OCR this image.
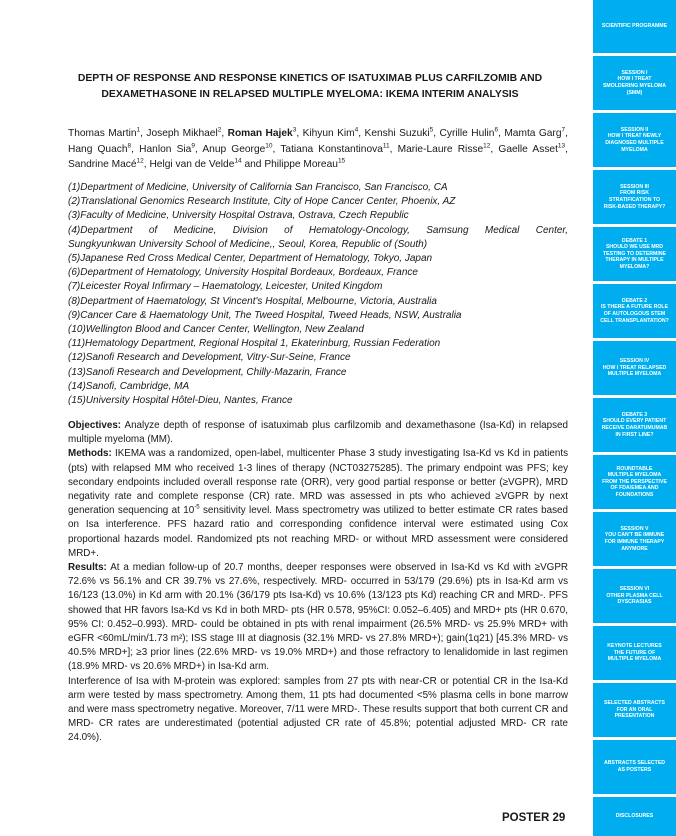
DEPTH OF RESPONSE AND RESPONSE KINETICS OF ISATUXIMAB PLUS CARFILZOMIB AND
DEXAMETHASONE IN RELAPSED MULTIPLE MYELOMA: IKEMA INTERIM ANALYSIS
Thomas Martin$^1$, Joseph Mikhael$^2$, Roman Hajek$^3$, Kihyun Kim$^4$, Kenshi Suzuki$^5$, Cyrille Hulin$^6$, Mamta Garg$^7$, Hang Quach$^8$, Hanlon Sia$^9$, Anup George$^{10}$, Tatiana Konstantinova$^{11}$, Marie-Laure Risse$^{12}$, Gaelle Asset$^{13}$, Sandrine Macé$^{12}$, Helgi van de Velde$^{14}$ and Philippe Moreau$^{15}$
(1)Department of Medicine, University of California San Francisco, San Francisco, CA
(2)Translational Genomics Research Institute, City of Hope Cancer Center, Phoenix, AZ
(3)Faculty of Medicine, University Hospital Ostrava, Ostrava, Czech Republic
(4)Department of Medicine, Division of Hematology-Oncology, Samsung Medical Center,
Sungkyunkwan University School of Medicine,, Seoul, Korea, Republic of (South)
(5)Japanese Red Cross Medical Center, Department of Hematology, Tokyo, Japan
(6)Department of Hematology, University Hospital Bordeaux, Bordeaux, France
(7)Leicester Royal Infirmary – Haematology, Leicester, United Kingdom
(8)Department of Haematology, St Vincent's Hospital, Melbourne, Victoria, Australia
(9)Cancer Care & Haematology Unit, The Tweed Hospital, Tweed Heads, NSW, Australia
(10)Wellington Blood and Cancer Center, Wellington, New Zealand
(11)Hematology Department, Regional Hospital 1, Ekaterinburg, Russian Federation
(12)Sanofi Research and Development, Vitry-Sur-Seine, France
(13)Sanofi Research and Development, Chilly-Mazarin, France
(14)Sanofi, Cambridge, MA
(15)University Hospital Hôtel-Dieu, Nantes, France

Objectives: Analyze depth of response of isatuximab plus carfilzomib and dexamethasone (Isa-Kd) in relapsed multiple myeloma (MM).

Methods: IKEMA was a randomized, open-label, multicenter Phase 3 study investigating Isa-Kd vs Kd in patients (pts) with relapsed MM who received 1-3 lines of therapy (NCT03275285). The primary endpoint was PFS; key secondary endpoints included overall response rate (ORR), very good partial response or better (≥VGPR), MRD negativity rate and complete response (CR) rate. MRD was assessed in pts who achieved ≥VGPR by next generation sequencing at $10^{-5}$ sensitivity level. Mass spectrometry was utilized to better estimate CR rates based on Isa interference. PFS hazard ratio and corresponding confidence interval were estimated using Cox proportional hazards model. Randomized pts not reaching MRD- or without MRD assessment were considered MRD+.

Results: At a median follow-up of 20.7 months, deeper responses were observed in Isa-Kd vs Kd with ≥VGPR 72.6% vs 56.1% and CR 39.7% vs 27.6%, respectively. MRD- occurred in 53/179 (29.6%) pts in Isa-Kd arm vs 16/123 (13.0%) in Kd arm with 20.1% (36/179 pts Isa-Kd) vs 10.6% (13/123 pts Kd) reaching CR and MRD-. PFS showed that HR favors Isa-Kd vs Kd in both MRD- pts (HR 0.578, 95%CI: 0.052–6.405) and MRD+ pts (HR 0.670, 95% CI: 0.452–0.993). MRD- could be obtained in pts with renal impairment (26.5% MRD- vs 25.9% MRD+ with eGFR <60mL/min/1.73 m²); ISS stage III at diagnosis (32.1% MRD- vs 27.8% MRD+); gain(1q21) [45.3% MRD- vs 40.5% MRD+]; ≥3 prior lines (22.6% MRD- vs 19.0% MRD+) and those refractory to lenalidomide in last regimen (18.9% MRD- vs 20.6% MRD+) in Isa-Kd arm.

Interference of Isa with M-protein was explored: samples from 27 pts with near-CR or potential CR in the Isa-Kd arm were tested by mass spectrometry. Among them, 11 pts had documented <5% plasma cells in bone marrow and were mass spectrometry negative. Moreover, 7/11 were MRD-. These results support that both current CR and MRD- CR rates are underestimated (potential adjusted CR rate of 45.8%; potential adjusted MRD- CR rate 24.0%).

POSTER 29
SCIENTIFIC PROGRAMME
SESSION I
HOW I TREAT
SMOLDERING MYELOMA
(SMM)
SESSION II
HOW I TREAT NEWLY
DIAGNOSED MULTIPLE
MYELOMA
SESSION III
FROM RISK
STRATIFICATION TO
RISK-BASED THERAPY?
DEBATE 1
SHOULD WE USE MRD
TESTING TO DETERMINE
THERAPY IN MULTIPLE
MYELOMA?
DEBATE 2
IS THERE A FUTURE ROLE
OF AUTOLOGOUS STEM
CELL TRANSPLANTATION?
SESSION IV
HOW I TREAT RELAPSED
MULTIPLE MYELOMA
DEBATE 3
SHOULD EVERY PATIENT
RECEIVE DARATUMUMAB
IN FIRST LINE?
ROUNDTABLE
MULTIPLE MYELOMA
FROM THE PERSPECTIVE
OF FDA/EMEA AND
FOUNDATIONS
SESSION V
YOU CAN'T BE IMMUNE
FOR IMMUNE THERAPY
ANYMORE
SESSION VI
OTHER PLASMA CELL
DYSCRASIAS
KEYNOTE LECTURES
THE FUTURE OF
MULTIPLE MYELOMA
SELECTED ABSTRACTS
FOR AN ORAL
PRESENTATION
ABSTRACTS SELECTED
AS POSTERS
DISCLOSURES
